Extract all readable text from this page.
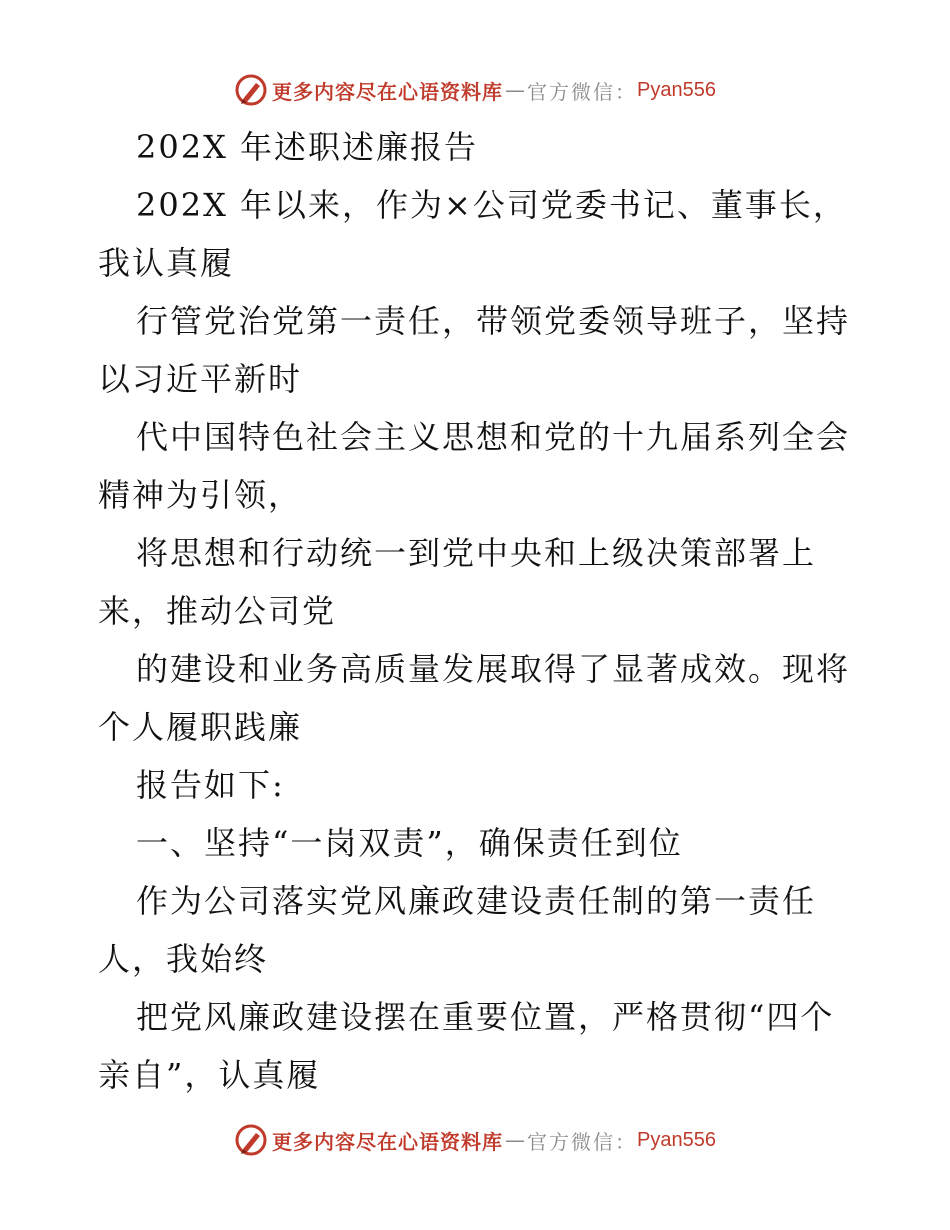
更多内容尽在心语资料库 — 官方微信： Pyan556
202X 年述职述廉报告
202X 年以来，作为×公司党委书记、董事长，
我认真履
行管党治党第一责任，带领党委领导班子，坚持
以习近平新时
代中国特色社会主义思想和党的十九届系列全会
精神为引领，
将思想和行动统一到党中央和上级决策部署上
来，推动公司党
的建设和业务高质量发展取得了显著成效。现将
个人履职践廉
报告如下:
一、坚持“一岗双责”，确保责任到位
作为公司落实党风廉政建设责任制的第一责任
人，我始终
把党风廉政建设摆在重要位置，严格贯彻“四个
亲自”，认真履
更多内容尽在心语资料库 — 官方微信： Pyan556
